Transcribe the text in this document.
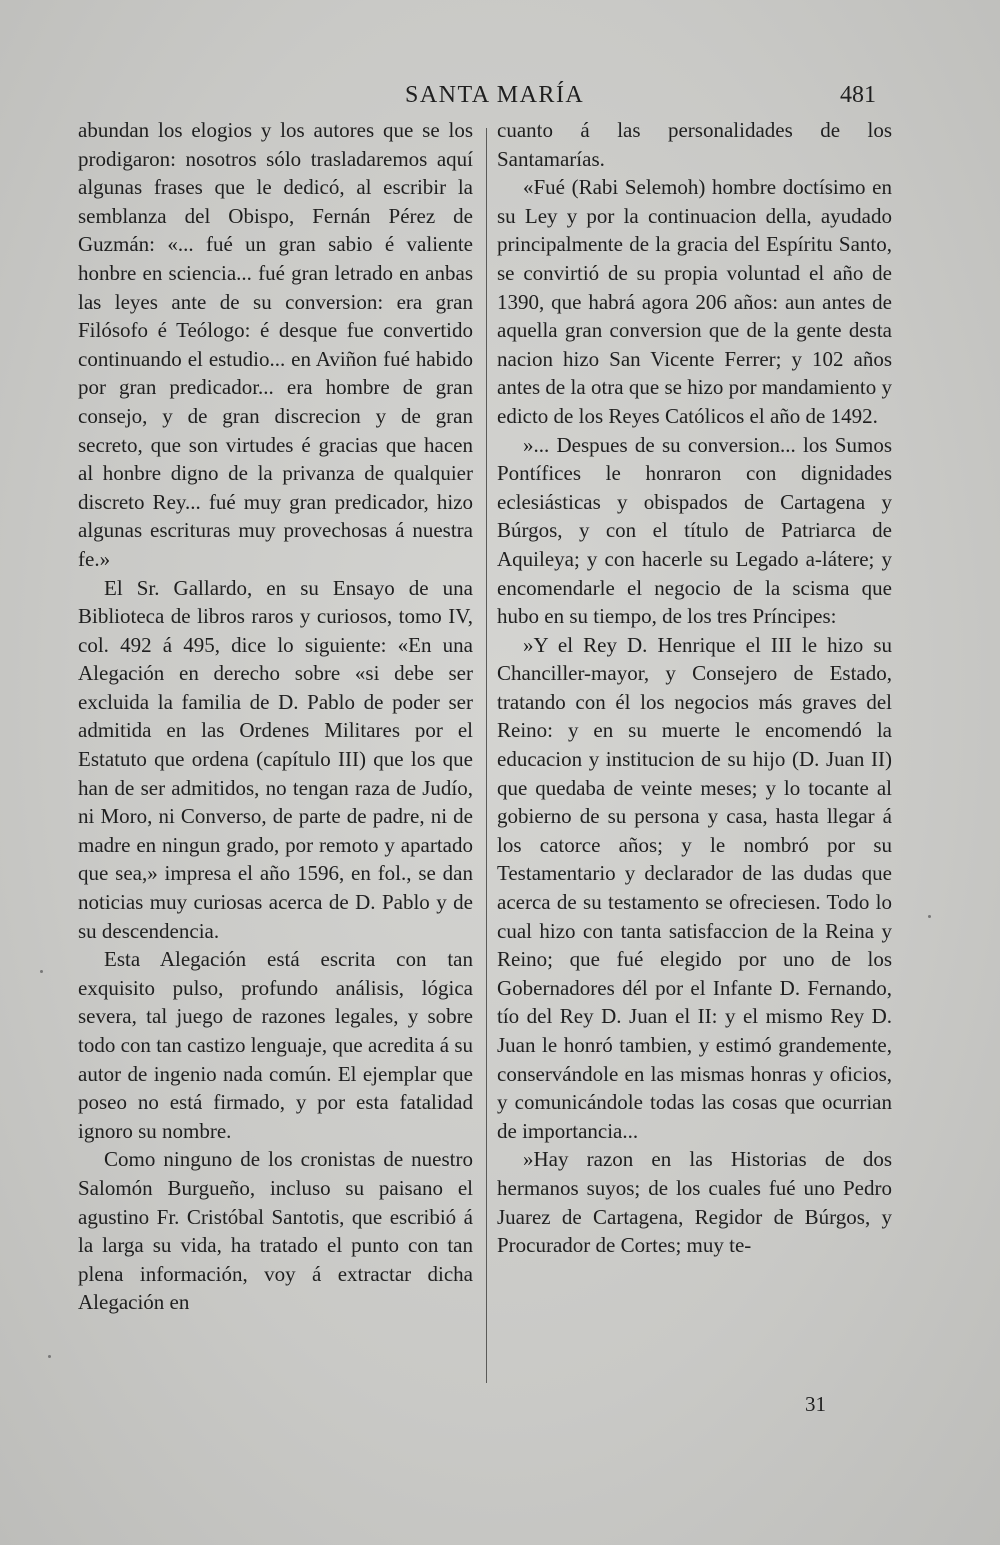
SANTA MARÍA	481

abundan los elogios y los autores que se los prodigaron: nosotros sólo trasladaremos aquí algunas frases que le dedicó, al escribir la semblanza del Obispo, Fernán Pérez de Guzmán: «... fué un gran sabio é valiente honbre en sciencia... fué gran letrado en anbas las leyes ante de su conversion: era gran Filósofo é Teólogo: é desque fue convertido continuando el estudio... en Aviñon fué habido por gran predicador... era hombre de gran consejo, y de gran discrecion y de gran secreto, que son virtudes é gracias que hacen al honbre digno de la privanza de qualquier discreto Rey... fué muy gran predicador, hizo algunas escrituras muy provechosas á nuestra fe.»

El Sr. Gallardo, en su Ensayo de una Biblioteca de libros raros y curiosos, tomo IV, col. 492 á 495, dice lo siguiente: «En una Alegación en derecho sobre «si debe ser excluida la familia de D. Pablo de poder ser admitida en las Ordenes Militares por el Estatuto que ordena (capítulo III) que los que han de ser admitidos, no tengan raza de Judío, ni Moro, ni Converso, de parte de padre, ni de madre en ningun grado, por remoto y apartado que sea,» impresa el año 1596, en fol., se dan noticias muy curiosas acerca de D. Pablo y de su descendencia.

Esta Alegación está escrita con tan exquisito pulso, profundo análisis, lógica severa, tal juego de razones legales, y sobre todo con tan castizo lenguaje, que acredita á su autor de ingenio nada común. El ejemplar que poseo no está firmado, y por esta fatalidad ignoro su nombre.

Como ninguno de los cronistas de nuestro Salomón Burgueño, incluso su paisano el agustino Fr. Cristóbal Santotis, que escribió á la larga su vida, ha tratado el punto con tan plena información, voy á extractar dicha Alegación en

cuanto á las personalidades de los Santamarías.

«Fué (Rabi Selemoh) hombre doctísimo en su Ley y por la continuacion della, ayudado principalmente de la gracia del Espíritu Santo, se convirtió de su propia voluntad el año de 1390, que habrá agora 206 años: aun antes de aquella gran conversion que de la gente desta nacion hizo San Vicente Ferrer; y 102 años antes de la otra que se hizo por mandamiento y edicto de los Reyes Católicos el año de 1492.

»... Despues de su conversion... los Sumos Pontífices le honraron con dignidades eclesiásticas y obispados de Cartagena y Búrgos, y con el título de Patriarca de Aquileya; y con hacerle su Legado a-látere; y encomendarle el negocio de la scisma que hubo en su tiempo, de los tres Príncipes:

»Y el Rey D. Henrique el III le hizo su Chanciller-mayor, y Consejero de Estado, tratando con él los negocios más graves del Reino: y en su muerte le encomendó la educacion y institucion de su hijo (D. Juan II) que quedaba de veinte meses; y lo tocante al gobierno de su persona y casa, hasta llegar á los catorce años; y le nombró por su Testamentario y declarador de las dudas que acerca de su testamento se ofreciesen. Todo lo cual hizo con tanta satisfaccion de la Reina y Reino; que fué elegido por uno de los Gobernadores dél por el Infante D. Fernando, tío del Rey D. Juan el II: y el mismo Rey D. Juan le honró tambien, y estimó grandemente, conservándole en las mismas honras y oficios, y comunicándole todas las cosas que ocurrian de importancia...

»Hay razon en las Historias de dos hermanos suyos; de los cuales fué uno Pedro Juarez de Cartagena, Regidor de Búrgos, y Procurador de Cortes; muy te-

31
